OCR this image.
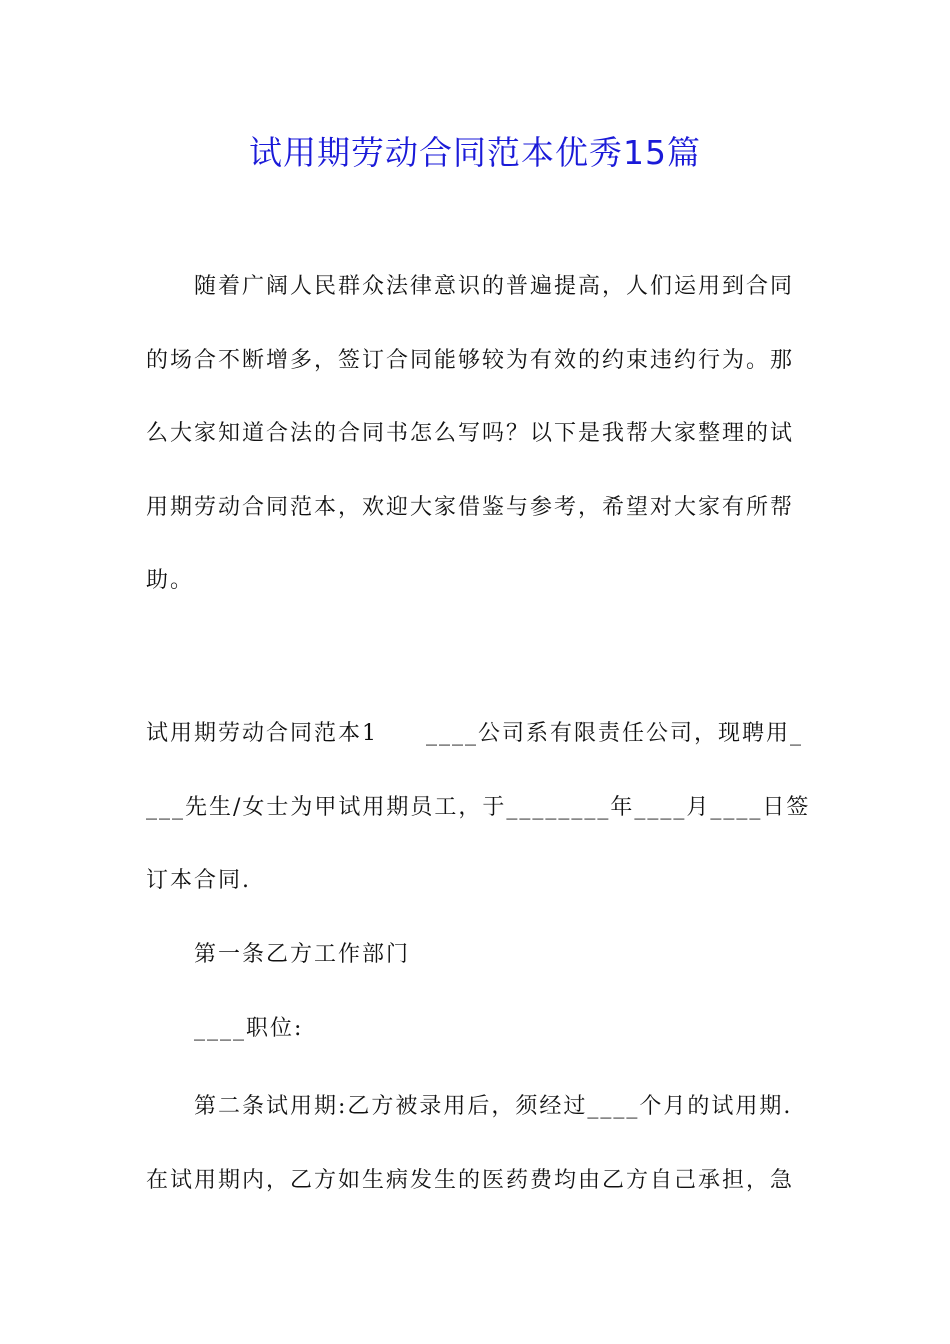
试用期劳动合同范本优秀15篇
随着广阔人民群众法律意识的普遍提高，人们运用到合同
的场合不断增多，签订合同能够较为有效的约束违约行为。那
么大家知道合法的合同书怎么写吗？以下是我帮大家整理的试
用期劳动合同范本，欢迎大家借鉴与参考，希望对大家有所帮
助。
试用期劳动合同范本1　　____公司系有限责任公司，现聘用_
___先生/女士为甲试用期员工，于________年____月____日签
订本合同.
第一条乙方工作部门
____职位:
第二条试用期:乙方被录用后，须经过____个月的试用期.
在试用期内，乙方如生病发生的医药费均由乙方自己承担，急
